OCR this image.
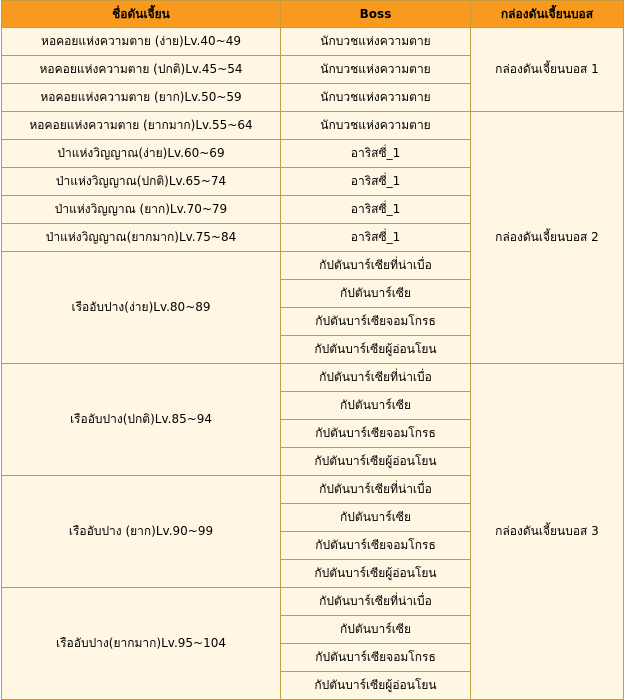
ชื่อดันเจี้ยน	Boss	กล่องดันเจี้ยนบอส
หอคอยแห่งความตาย (ง่าย)Lv.40~49	นักบวชแห่งความตาย	กล่องดันเจี้ยนบอส 1
หอคอยแห่งความตาย (ปกติ)Lv.45~54	นักบวชแห่งความตาย	
หอคอยแห่งความตาย (ยาก)Lv.50~59	นักบวชแห่งความตาย	
หอคอยแห่งความตาย (ยากมาก)Lv.55~64	นักบวชแห่งความตาย	กล่องดันเจี้ยนบอส 2
ป่าแห่งวิญญาณ(ง่าย)Lv.60~69	อาริสซี่_1	
ป่าแห่งวิญญาณ(ปกติ)Lv.65~74	อาริสซี่_1	
ป่าแห่งวิญญาณ (ยาก)Lv.70~79	อาริสซี่_1	
ป่าแห่งวิญญาณ(ยากมาก)Lv.75~84	อาริสซี่_1	
เรืออับปาง(ง่าย)Lv.80~89	กัปตันบาร์เซียที่น่าเบื่อ	
	กัปตันบาร์เซีย	
	กัปตันบาร์เซียจอมโกรธ	
	กัปตันบาร์เซียผู้อ่อนโยน	
เรืออับปาง(ปกติ)Lv.85~94	กัปตันบาร์เซียที่น่าเบื่อ	กล่องดันเจี้ยนบอส 3
	กัปตันบาร์เซีย	
	กัปตันบาร์เซียจอมโกรธ	
	กัปตันบาร์เซียผู้อ่อนโยน	
เรืออับปาง (ยาก)Lv.90~99	กัปตันบาร์เซียที่น่าเบื่อ	
	กัปตันบาร์เซีย	
	กัปตันบาร์เซียจอมโกรธ	
	กัปตันบาร์เซียผู้อ่อนโยน	
เรืออับปาง(ยากมาก)Lv.95~104	กัปตันบาร์เซียที่น่าเบื่อ	
	กัปตันบาร์เซีย	
	กัปตันบาร์เซียจอมโกรธ	
	กัปตันบาร์เซียผู้อ่อนโยน	
